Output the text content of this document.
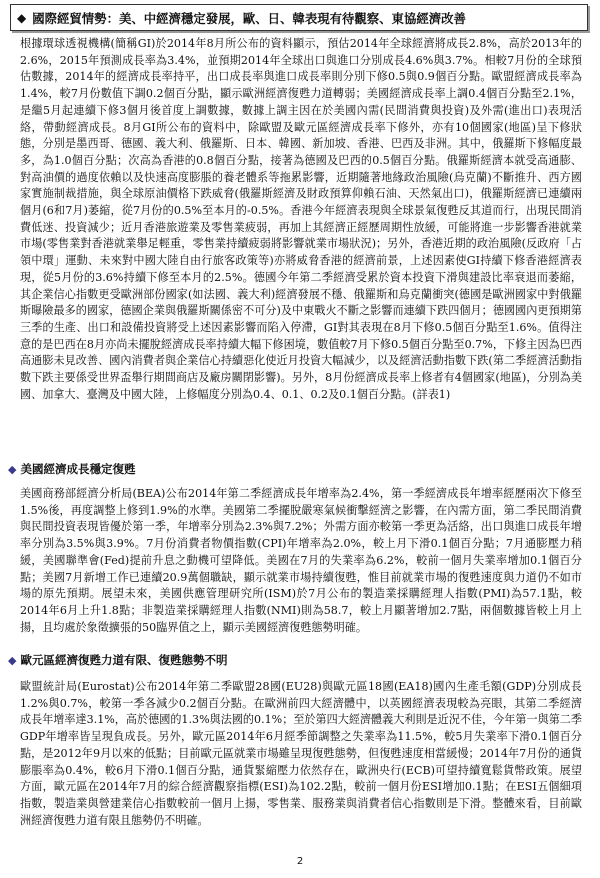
◆ 國際經貿情勢：美、中經濟穩定發展，歐、日、韓表現有待觀察、東協經濟改善

根據環球透視機構(簡稱GI)於2014年8月所公布的資料顯示，預估2014年全球經濟將成長2.8%，高於2013年的2.6%，2015年預測成長率為3.4%，並預期2014年全球出口與進口分別成長4.6%與3.7%。相較7月份的全球預估數據，2014年的經濟成長率持平，出口成長率與進口成長率則分別下修0.5與0.9個百分點。歐盟經濟成長率為1.4%，較7月份數值下調0.2個百分點，顯示歐洲經濟復甦力道轉弱；美國經濟成長率上調0.4個百分點至2.1%，是繼5月起連續下修3個月後首度上調數據，數據上調主因在於美國內需(民間消費與投資)及外需(進出口)表現活絡，帶動經濟成長。8月GI所公布的資料中，除歐盟及歐元區經濟成長率下修外，亦有10個國家(地區)呈下修狀態，分別是墨西哥、德國、義大利、俄羅斯、日本、韓國、新加坡、香港、巴西及非洲。其中，俄羅斯下修幅度最多，為1.0個百分點；次高為香港的0.8個百分點，接著為德國及巴西的0.5個百分點。俄羅斯經濟本就受高通膨、對高油價的過度依賴以及快速高度膨脹的養老體系等拖累影響，近期隨著地緣政治風險(烏克蘭)不斷推升、西方國家實施制裁措施，與全球原油價格下跌威脅(俄羅斯經濟及財政預算仰賴石油、天然氣出口)，俄羅斯經濟已連續兩個月(6和7月)萎縮，從7月份的0.5%至本月的-0.5%。香港今年經濟表現與全球景氣復甦反其道而行，出現民間消費低迷、投資減少；近月香港旅遊業及零售業疲弱，再加上其經濟正經歷周期性放緩，可能將進一步影響香港就業市場(零售業對香港就業舉足輕重，零售業持續疲弱將影響就業市場狀況)；另外，香港近期的政治風險(反政府「占領中環」運動、未來對中國大陸自由行旅客政策等)亦將威脅香港的經濟前景，上述因素使GI持續下修香港經濟表現，從5月份的3.6%持續下修至本月的2.5%。德國今年第二季經濟受累於資本投資下滑與建設比率衰退而萎縮，其企業信心指數更受歐洲部份國家(如法國、義大利)經濟發展不穩、俄羅斯和烏克蘭衝突(德國是歐洲國家中對俄羅斯曝險最多的國家，德國企業與俄羅斯關係密不可分)及中東戰火不斷之影響而連續下跌四個月；德國國內更預期第三季的生產、出口和設備投資將受上述因素影響而陷入停滯，GI對其表現在8月下修0.5個百分點至1.6%。值得注意的是巴西在8月亦尚未擺脫經濟成長率持續大幅下修困境，數值較7月下修0.5個百分點至0.7%，下修主因為巴西高通膨未見改善、國內消費者與企業信心持續惡化使近月投資大幅減少，以及經濟活動指數下跌(第二季經濟活動指數下跌主要係受世界盃舉行期間商店及廠房關閉影響)。另外，8月份經濟成長率上修者有4個國家(地區)，分別為美國、加拿大、臺灣及中國大陸，上修幅度分別為0.4、0.1、0.2及0.1個百分點。(詳表1)

◆ 美國經濟成長穩定復甦

美國商務部經濟分析局(BEA)公布2014年第二季經濟成長年增率為2.4%，第一季經濟成長年增率經歷兩次下修至1.5%後，再度調整上修到1.9%的水準。美國第二季擺脫嚴寒氣候衝擊經濟之影響，在內需方面，第二季民間消費與民間投資表現皆優於第一季，年增率分別為2.3%與7.2%；外需方面亦較第一季更為活絡，出口與進口成長年增率分別為3.5%與3.9%。7月份消費者物價指數(CPI)年增率為2.0%，較上月下滑0.1個百分點；7月通膨壓力稍緩，美國聯準會(Fed)提前升息之動機可望降低。美國在7月的失業率為6.2%，較前一個月失業率增加0.1個百分點；美國7月新增工作已連續20.9萬個職缺，顯示就業市場持續復甦，惟目前就業市場的復甦速度與力道仍不如市場的原先預期。展望未來，美國供應管理研究所(ISM)於7月公布的製造業採購經理人指數(PMI)為57.1點，較2014年6月上升1.8點；非製造業採購經理人指數(NMI)則為58.7，較上月顯著增加2.7點，兩個數據皆較上月上揚，且均處於象徵擴張的50臨界值之上，顯示美國經濟復甦態勢明確。

◆ 歐元區經濟復甦力道有限、復甦態勢不明

歐盟統計局(Eurostat)公布2014年第二季歐盟28國(EU28)與歐元區18國(EA18)國內生產毛額(GDP)分別成長1.2%與0.7%，較第一季各減少0.2個百分點。在歐洲前四大經濟體中，以英國經濟表現較為亮眼，其第二季經濟成長年增率達3.1%，高於德國的1.3%與法國的0.1%；至於第四大經濟體義大利則是近況不佳，今年第一與第二季GDP年增率皆呈現負成長。另外，歐元區2014年6月經季節調整之失業率為11.5%，較5月失業率下滑0.1個百分點，是2012年9月以來的低點；目前歐元區就業市場雖呈現復甦態勢，但復甦速度相當緩慢；2014年7月份的通貨膨脹率為0.4%，較6月下滑0.1個百分點，通貨緊縮壓力依然存在，歐洲央行(ECB)可望持續寬鬆貨幣政策。展望方面，歐元區在2014年7月的綜合經濟觀察指標(ESI)為102.2點，較前一個月份ESI增加0.1點；在ESI五個細項指數，製造業與營建業信心指數較前一個月上揚，零售業、服務業與消費者信心指數則是下滑。整體來看，目前歐洲經濟復甦力道有限且態勢仍不明確。

2
